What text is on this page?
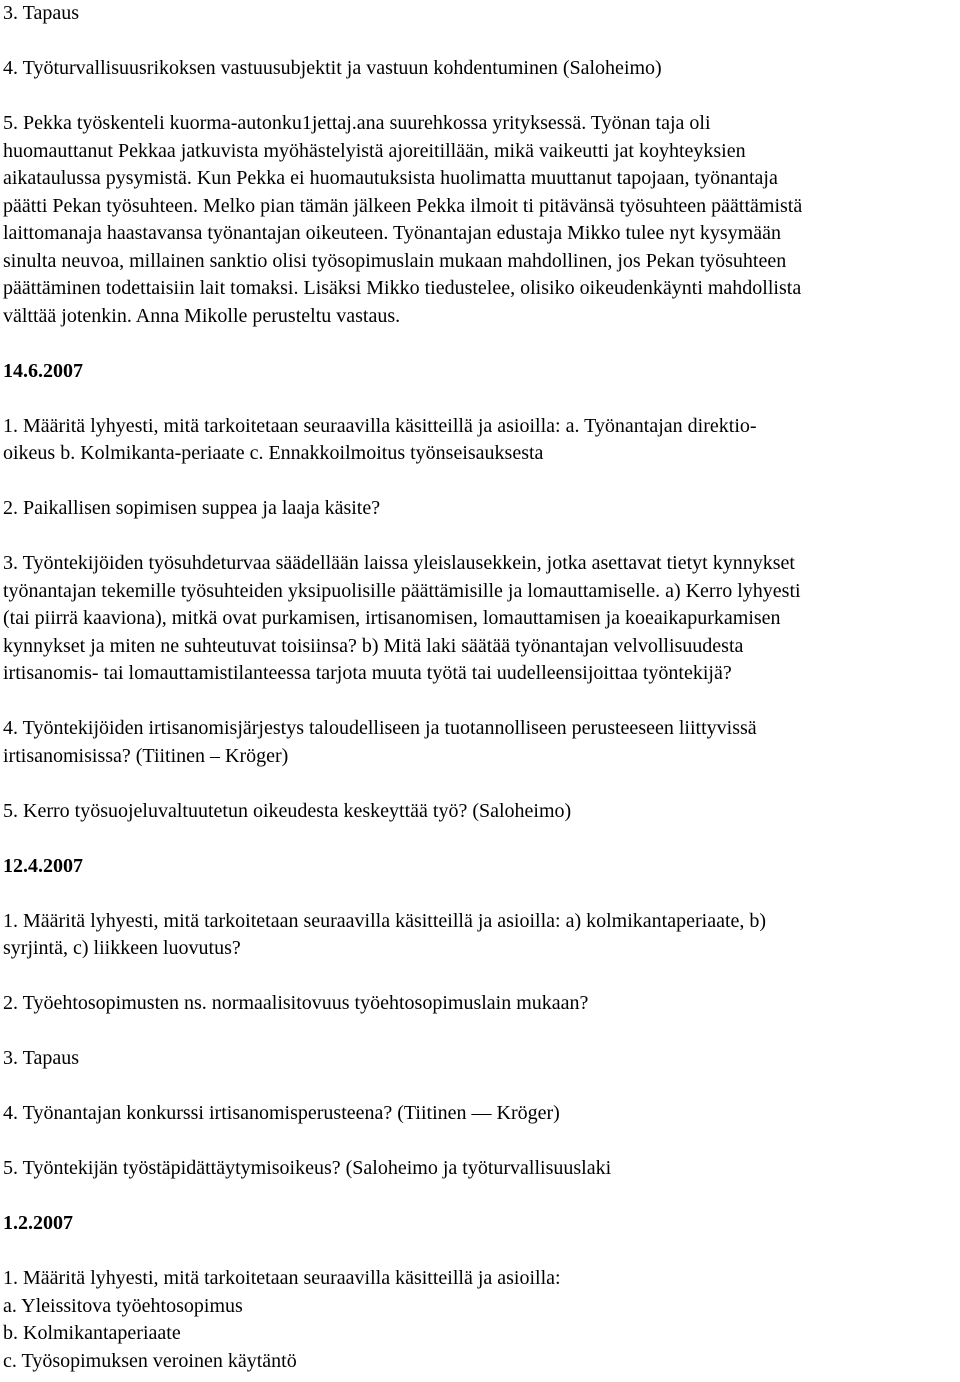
3. Tapaus

4. Työturvallisuusrikoksen vastuusubjektit ja vastuun kohdentuminen (Saloheimo)

5. Pekka työskenteli kuorma-autonku1jettaj.ana suurehkossa yrityksessä. Työnan taja oli
huomauttanut Pekkaa jatkuvista myöhästelyistä ajoreitillään, mikä vaikeutti jat koyhteyksien
aikataulussa pysymistä. Kun Pekka ei huomautuksista huolimatta muuttanut tapojaan, työnantaja
päätti Pekan työsuhteen. Melko pian tämän jälkeen Pekka ilmoit ti pitävänsä työsuhteen päättämistä
laittomanaja haastavansa työnantajan oikeuteen. Työnantajan edustaja Mikko tulee nyt kysymään
sinulta neuvoa, millainen sanktio olisi työsopimuslain mukaan mahdollinen, jos Pekan työsuhteen
päättäminen todettaisiin lait tomaksi. Lisäksi Mikko tiedustelee, olisiko oikeudenkäynti mahdollista
välttää jotenkin. Anna Mikolle perusteltu vastaus.

14.6.2007

1. Määritä lyhyesti, mitä tarkoitetaan seuraavilla käsitteillä ja asioilla: a. Työnantajan direktio-
oikeus b. Kolmikanta-periaate c. Ennakkoilmoitus työnseisauksesta

2. Paikallisen sopimisen suppea ja laaja käsite?

3. Työntekijöiden työsuhdeturvaa säädellään laissa yleislausekkein, jotka asettavat tietyt kynnykset
työnantajan tekemille työsuhteiden yksipuolisille päättämisille ja lomauttamiselle. a) Kerro lyhyesti
(tai piirrä kaaviona), mitkä ovat purkamisen, irtisanomisen, lomauttamisen ja koeaikapurkamisen
kynnykset ja miten ne suhteutuvat toisiinsa? b) Mitä laki säätää työnantajan velvollisuudesta
irtisanomis- tai lomauttamistilanteessa tarjota muuta työtä tai uudelleensijoittaa työntekijä?

4. Työntekijöiden irtisanomisjärjestys taloudelliseen ja tuotannolliseen perusteeseen liittyvissä
irtisanomisissa? (Tiitinen – Kröger)

5. Kerro työsuojeluvaltuutetun oikeudesta keskeyttää työ? (Saloheimo)

12.4.2007

1. Määritä lyhyesti, mitä tarkoitetaan seuraavilla käsitteillä ja asioilla: a) kolmikantaperiaate, b)
syrjintä, c) liikkeen luovutus?

2. Työehtosopimusten ns. normaalisitovuus työehtosopimuslain mukaan?

3. Tapaus

4. Työnantajan konkurssi irtisanomisperusteena? (Tiitinen — Kröger)

5. Työntekijän työstäpidättäytymisoikeus? (Saloheimo ja työturvallisuuslaki

1.2.2007

1. Määritä lyhyesti, mitä tarkoitetaan seuraavilla käsitteillä ja asioilla:
a. Yleissitova työehtosopimus
b. Kolmikantaperiaate
c. Työsopimuksen veroinen käytäntö
